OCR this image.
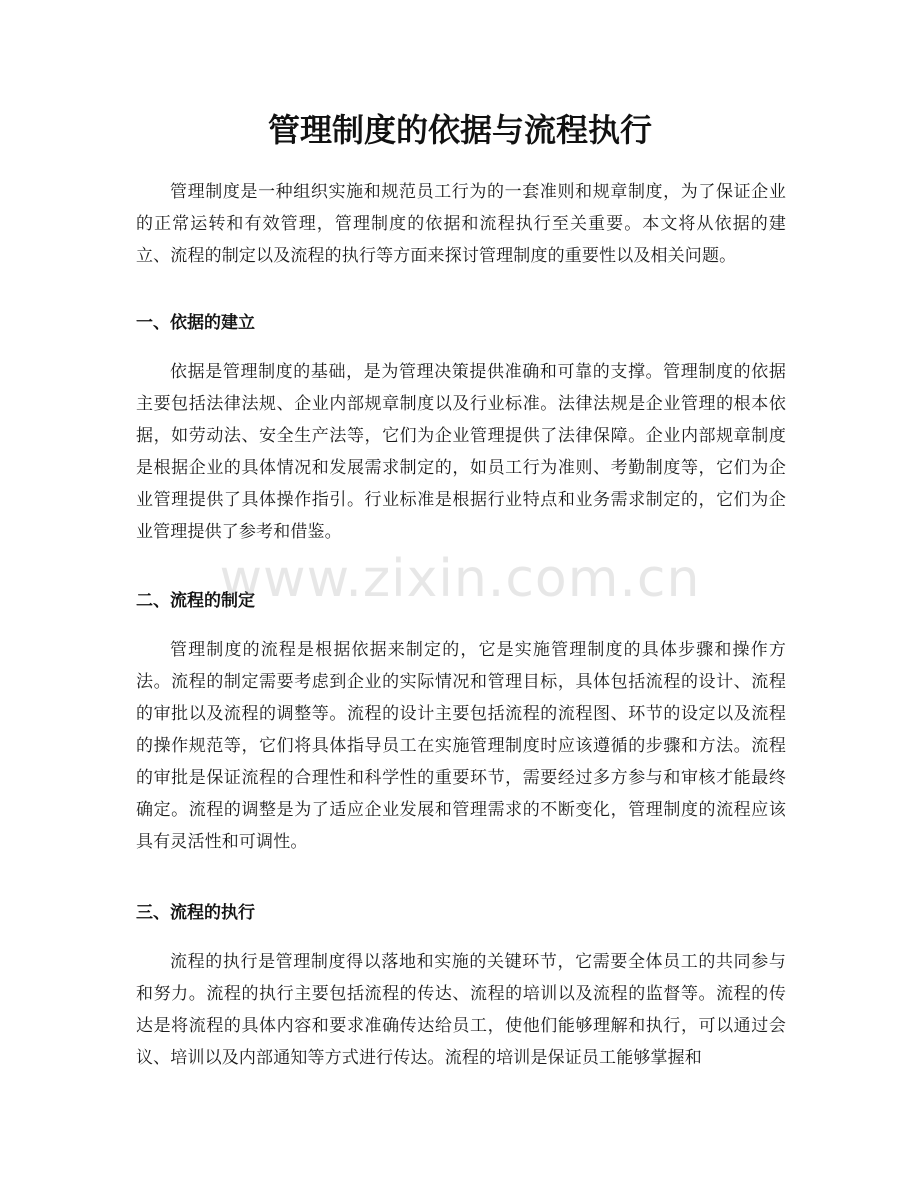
管理制度的依据与流程执行

管理制度是一种组织实施和规范员工行为的一套准则和规章制度，为了保证企业的正常运转和有效管理，管理制度的依据和流程执行至关重要。本文将从依据的建立、流程的制定以及流程的执行等方面来探讨管理制度的重要性以及相关问题。

一、依据的建立

依据是管理制度的基础，是为管理决策提供准确和可靠的支撑。管理制度的依据主要包括法律法规、企业内部规章制度以及行业标准。法律法规是企业管理的根本依据，如劳动法、安全生产法等，它们为企业管理提供了法律保障。企业内部规章制度是根据企业的具体情况和发展需求制定的，如员工行为准则、考勤制度等，它们为企业管理提供了具体操作指引。行业标准是根据行业特点和业务需求制定的，它们为企业管理提供了参考和借鉴。

二、流程的制定

管理制度的流程是根据依据来制定的，它是实施管理制度的具体步骤和操作方法。流程的制定需要考虑到企业的实际情况和管理目标，具体包括流程的设计、流程的审批以及流程的调整等。流程的设计主要包括流程的流程图、环节的设定以及流程的操作规范等，它们将具体指导员工在实施管理制度时应该遵循的步骤和方法。流程的审批是保证流程的合理性和科学性的重要环节，需要经过多方参与和审核才能最终确定。流程的调整是为了适应企业发展和管理需求的不断变化，管理制度的流程应该具有灵活性和可调性。

三、流程的执行

流程的执行是管理制度得以落地和实施的关键环节，它需要全体员工的共同参与和努力。流程的执行主要包括流程的传达、流程的培训以及流程的监督等。流程的传达是将流程的具体内容和要求准确传达给员工，使他们能够理解和执行，可以通过会议、培训以及内部通知等方式进行传达。流程的培训是保证员工能够掌握和

www.zixin.com.cn
